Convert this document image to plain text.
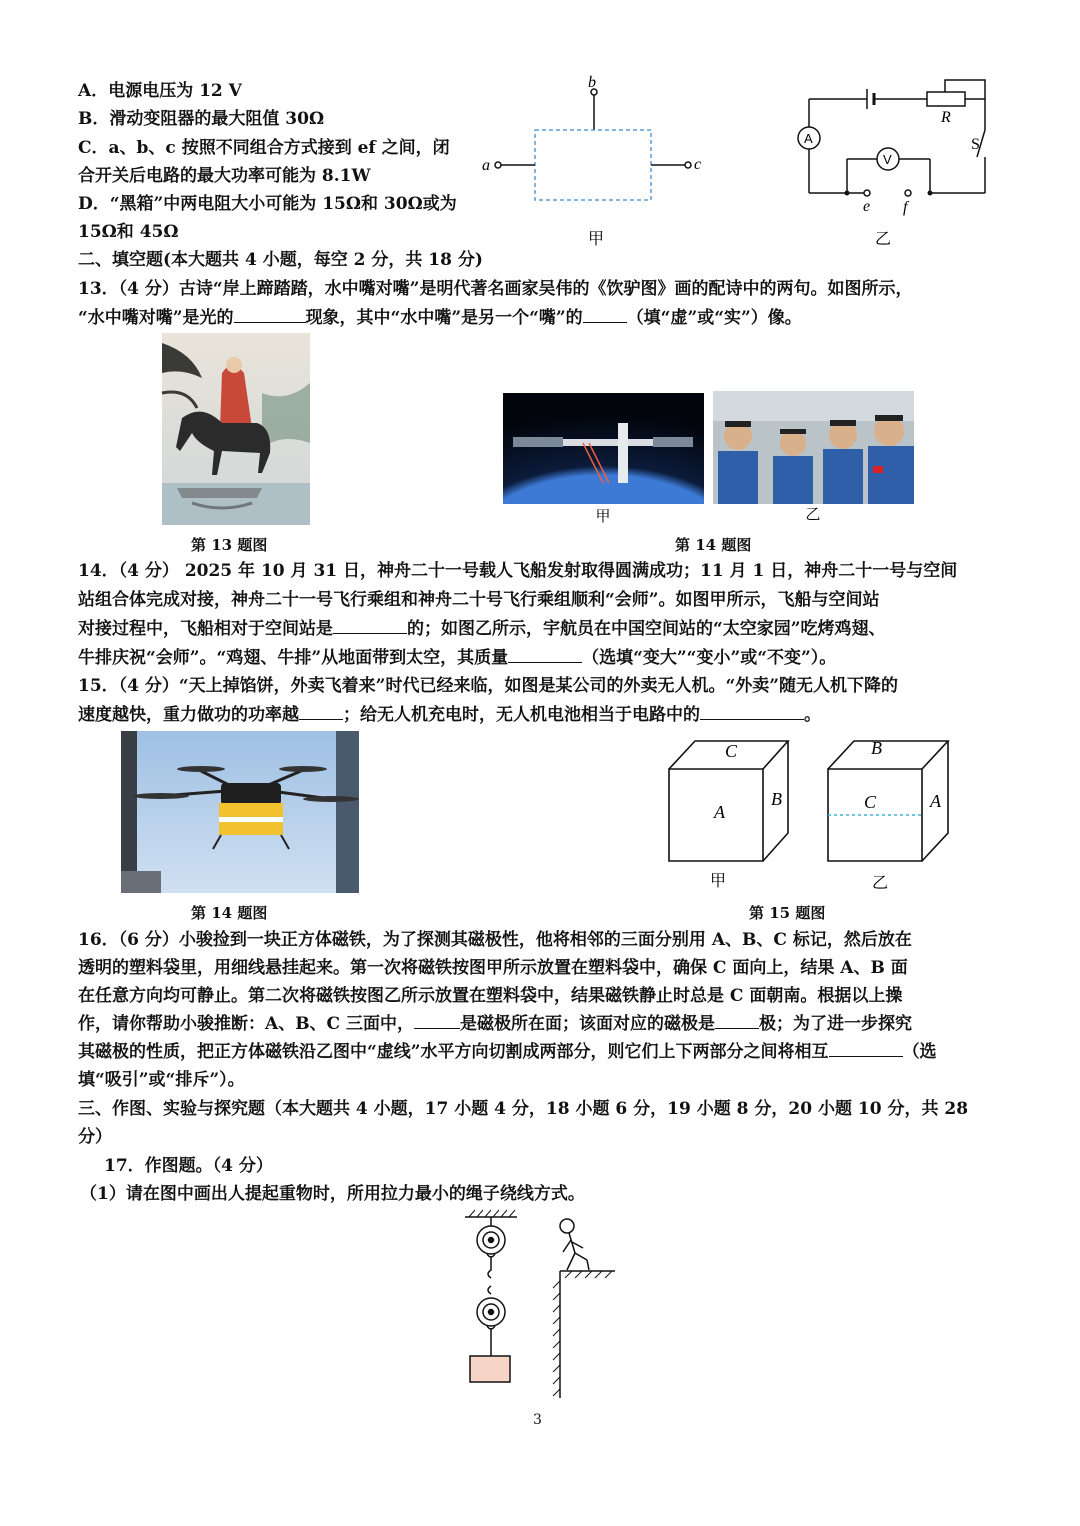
A．电源电压为 12 V
B．滑动变阻器的最大阻值 30Ω
C．a、b、c 按照不同组合方式接到 ef 之间，闭
合开关后电路的最大功率可能为 8.1W
D．“黑箱”中两电阻大小可能为 15Ω和 30Ω或为
15Ω和 45Ω
b
a	c
甲
A
V
R
S
e f
乙
二、填空题(本大题共 4 小题，每空 2 分，共 18 分)
13．（4 分）古诗“岸上蹄踏踏，水中嘴对嘴”是明代著名画家吴伟的《饮驴图》画的配诗中的两句。如图所示，
“水中嘴对嘴”是光的	现象，其中“水中嘴”是另一个“嘴”的	（填“虚”或“实”）像。
甲	乙
第 13 题图	第 14 题图
14．（4 分） 2025 年 10 月 31 日，神舟二十一号载人飞船发射取得圆满成功；11 月 1 日，神舟二十一号与空间
站组合体完成对接，神舟二十一号飞行乘组和神舟二十号飞行乘组顺利“会师”。如图甲所示，飞船与空间站
对接过程中，飞船相对于空间站是	的；如图乙所示，宇航员在中国空间站的“太空家园”吃烤鸡翅、
牛排庆祝“会师”。“鸡翅、牛排”从地面带到太空，其质量	（选填“变大”“变小”或“不变”）。
15．（4 分）“天上掉馅饼，外卖飞着来”时代已经来临，如图是某公司的外卖无人机。“外卖”随无人机下降的
速度越快，重力做功的功率越	；给无人机充电时，无人机电池相当于电路中的	。
第 14 题图
C
A
B
B
C	A
甲	乙
第 15 题图
16．（6 分）小骏捡到一块正方体磁铁，为了探测其磁极性，他将相邻的三面分别用 A、B、C 标记，然后放在
透明的塑料袋里，用细线悬挂起来。第一次将磁铁按图甲所示放置在塑料袋中，确保 C 面向上，结果 A、B 面
在任意方向均可静止。第二次将磁铁按图乙所示放置在塑料袋中，结果磁铁静止时总是 C 面朝南。根据以上操
作，请你帮助小骏推断：A、B、C 三面中，	是磁极所在面；该面对应的磁极是	极；为了进一步探究
其磁极的性质，把正方体磁铁沿乙图中“虚线”水平方向切割成两部分，则它们上下两部分之间将相互	（选
填“吸引”或“排斥”）。
三、作图、实验与探究题（本大题共 4 小题，17 小题 4 分，18 小题 6 分，19 小题 8 分，20 小题 10 分，共 28
分）
17．作图题。（4 分）
（1）请在图中画出人提起重物时，所用拉力最小的绳子绕线方式。
3
